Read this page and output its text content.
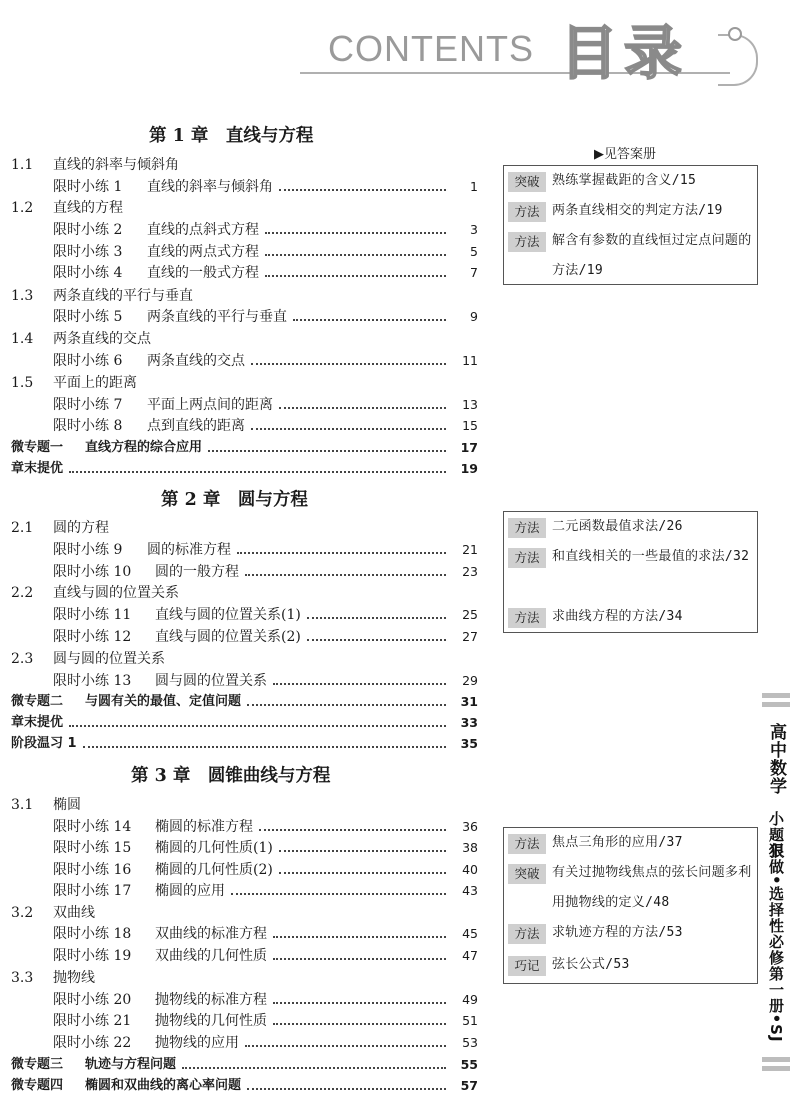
CONTENTS 目录
第 1 章　直线与方程
第 2 章　圆与方程
第 3 章　圆锥曲线与方程
1.1 直线的斜率与倾斜角
限时小练 1 直线的斜率与倾斜角	1
1.2 直线的方程
限时小练 2 直线的点斜式方程	3
限时小练 3 直线的两点式方程	5
限时小练 4 直线的一般式方程	7
1.3 两条直线的平行与垂直
限时小练 5 两条直线的平行与垂直	9
1.4 两条直线的交点
限时小练 6 两条直线的交点	11
1.5 平面上的距离
限时小练 7 平面上两点间的距离	13
限时小练 8 点到直线的距离	15
微专题一 直线方程的综合应用	17
章末提优	19
2.1 圆的方程
限时小练 9 圆的标准方程	21
限时小练 10 圆的一般方程	23
2.2 直线与圆的位置关系
限时小练 11 直线与圆的位置关系(1)	25
限时小练 12 直线与圆的位置关系(2)	27
2.3 圆与圆的位置关系
限时小练 13 圆与圆的位置关系	29
微专题二 与圆有关的最值、定值问题	31
章末提优	33
阶段温习 1	35
3.1 椭圆
限时小练 14 椭圆的标准方程	36
限时小练 15 椭圆的几何性质(1)	38
限时小练 16 椭圆的几何性质(2)	40
限时小练 17 椭圆的应用	43
3.2 双曲线
限时小练 18 双曲线的标准方程	45
限时小练 19 双曲线的几何性质	47
3.3 抛物线
限时小练 20 抛物线的标准方程	49
限时小练 21 抛物线的几何性质	51
限时小练 22 抛物线的应用	53
微专题三 轨迹与方程问题	55
微专题四 椭圆和双曲线的离心率问题	57
▶见答案册
突破 熟练掌握截距的含义/15
方法 两条直线相交的判定方法/19
方法 解含有参数的直线恒过定点问题的方法/19
方法 二元函数最值求法/26
方法 和直线相关的一些最值的求法/32
方法 求曲线方程的方法/34
方法 焦点三角形的应用/37
突破 有关过抛物线焦点的弦长问题多利用抛物线的定义/48
方法 求轨迹方程的方法/53
巧记 弦长公式/53
高中数学　小题狠做•选择性必修第一册•SJ
